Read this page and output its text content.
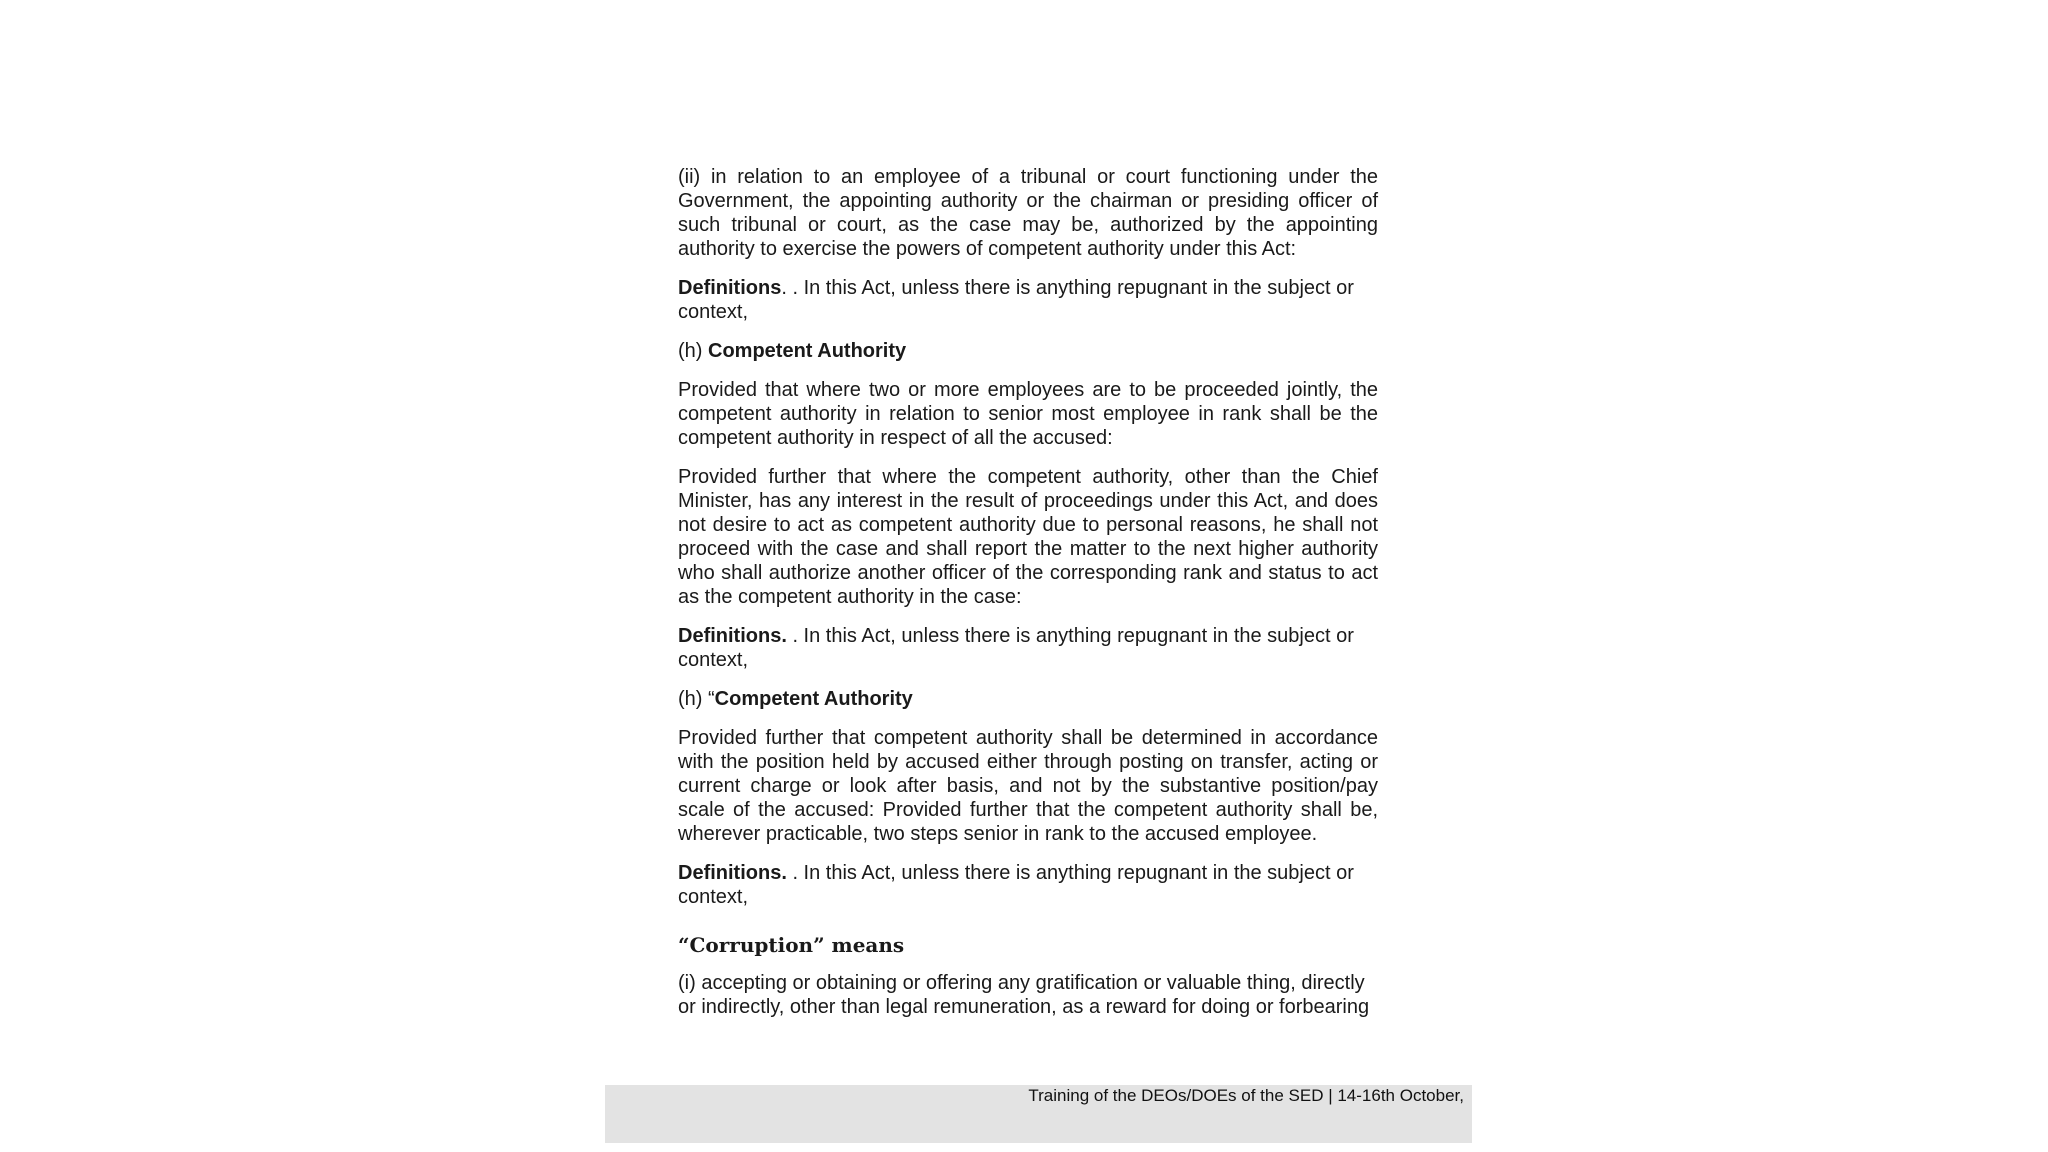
(ii) in relation to an employee of a tribunal or court functioning under the Government, the appointing authority or the chairman or presiding officer of such tribunal or court, as the case may be, authorized by the appointing authority to exercise the powers of competent authority under this Act:

Definitions. . In this Act, unless there is anything repugnant in the subject or context,

(h) Competent Authority

Provided that where two or more employees are to be proceeded jointly, the competent authority in relation to senior most employee in rank shall be the competent authority in respect of all the accused:

Provided further that where the competent authority, other than the Chief Minister, has any interest in the result of proceedings under this Act, and does not desire to act as competent authority due to personal reasons, he shall not proceed with the case and shall report the matter to the next higher authority who shall authorize another officer of the corresponding rank and status to act as the competent authority in the case:

Definitions. . In this Act, unless there is anything repugnant in the subject or context,

(h) “Competent Authority

Provided further that competent authority shall be determined in accordance with the position held by accused either through posting on transfer, acting or current charge or look after basis, and not by the substantive position/pay scale of the accused: Provided further that the competent authority shall be, wherever practicable, two steps senior in rank to the accused employee.

Definitions. . In this Act, unless there is anything repugnant in the subject or context,

“Corruption” means

(i) accepting or obtaining or offering any gratification or valuable thing, directly or indirectly, other than legal remuneration, as a reward for doing or forbearing

Training of the DEOs/DOEs of the SED | 14-16th October,
